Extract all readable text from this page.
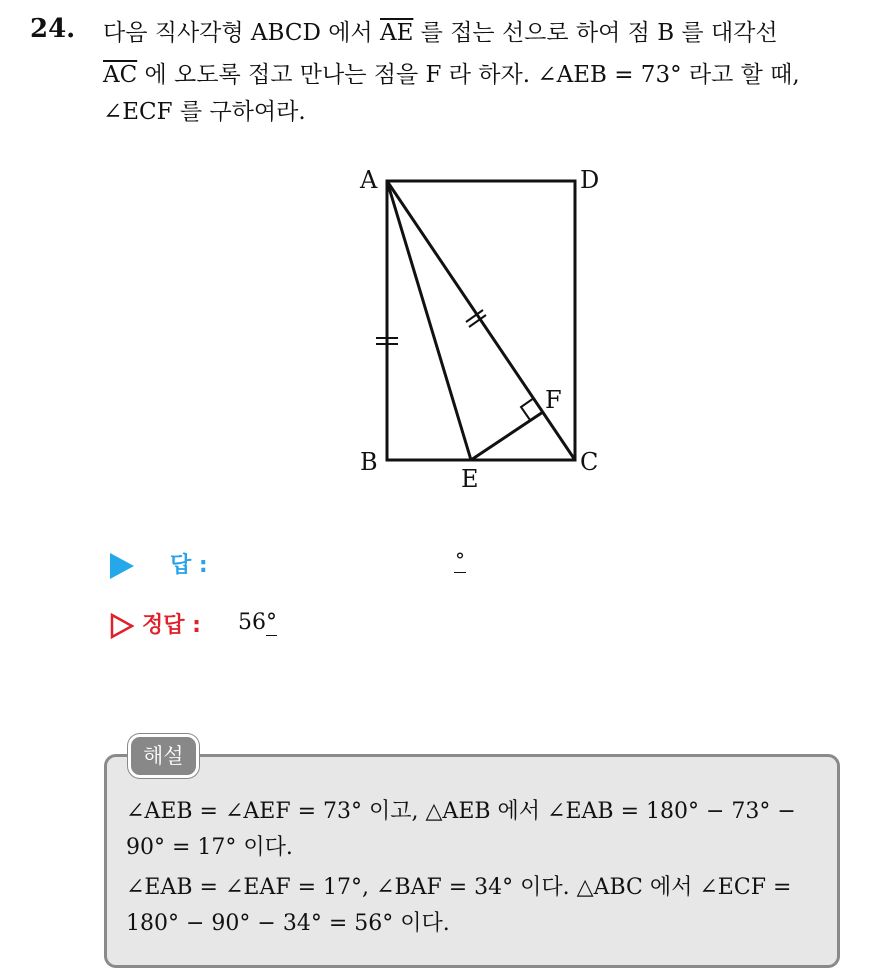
24. 다음 직사각형 ABCD 에서 $\overline{AE}$ 를 접는 선으로 하여 점 B 를 대각선
$\overline{AC}$ 에 오도록 접고 만나는 점을 F 라 하자. ∠AEB = 73° 라고 할 때,
∠ECF 를 구하여라.
A	D
B	C
E
F
답 :	°
정답 : 56°
해설
∠AEB = ∠AEF = 73° 이고, △AEB 에서 ∠EAB = 180° − 73° −
90° = 17° 이다.
∠EAB = ∠EAF = 17°, ∠BAF = 34° 이다. △ABC 에서 ∠ECF =
180° − 90° − 34° = 56° 이다.
